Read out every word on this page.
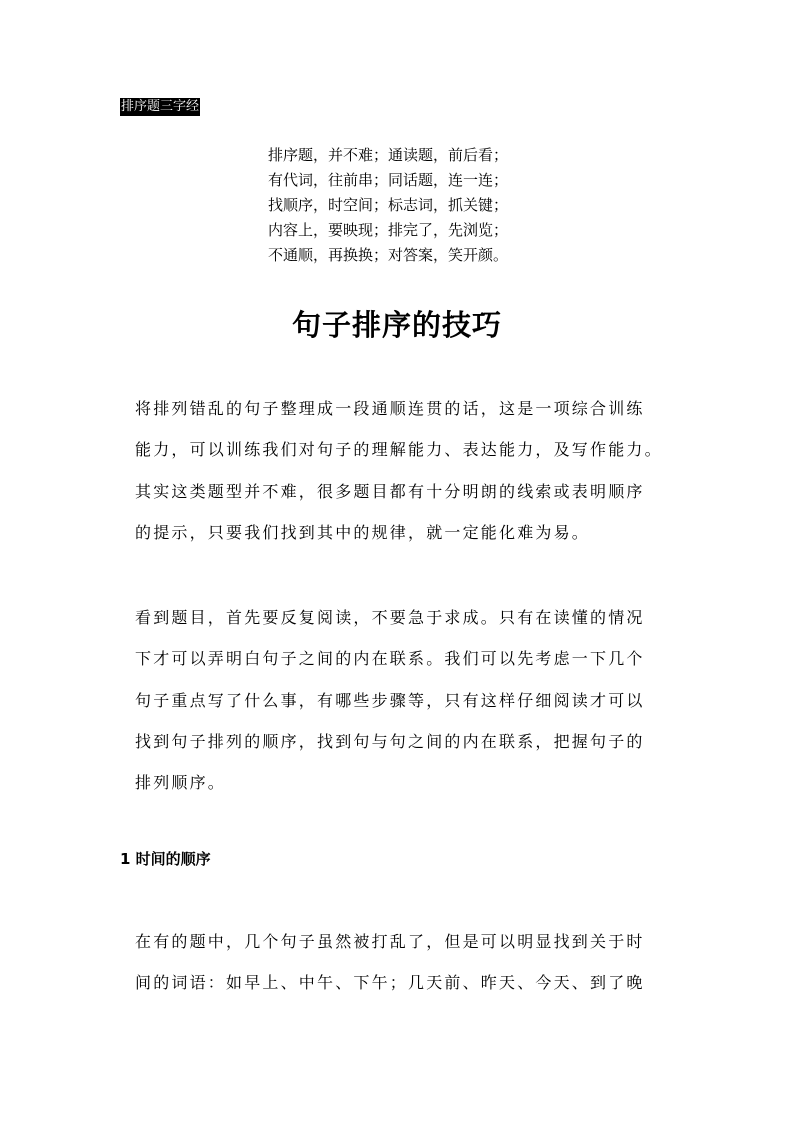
排序题三字经
排序题，并不难；通读题，前后看；
有代词，往前串；同话题，连一连；
找顺序，时空间；标志词，抓关键；
内容上，要映现；排完了，先浏览；
不通顺，再换换；对答案，笑开颜。
句子排序的技巧

将排列错乱的句子整理成一段通顺连贯的话，这是一项综合训练
能力，可以训练我们对句子的理解能力、表达能力，及写作能力。
其实这类题型并不难，很多题目都有十分明朗的线索或表明顺序
的提示，只要我们找到其中的规律，就一定能化难为易。

看到题目，首先要反复阅读，不要急于求成。只有在读懂的情况
下才可以弄明白句子之间的内在联系。我们可以先考虑一下几个
句子重点写了什么事，有哪些步骤等，只有这样仔细阅读才可以
找到句子排列的顺序，找到句与句之间的内在联系，把握句子的
排列顺序。

1 时间的顺序

在有的题中，几个句子虽然被打乱了，但是可以明显找到关于时
间的词语：如早上、中午、下午；几天前、昨天、今天、到了晚
